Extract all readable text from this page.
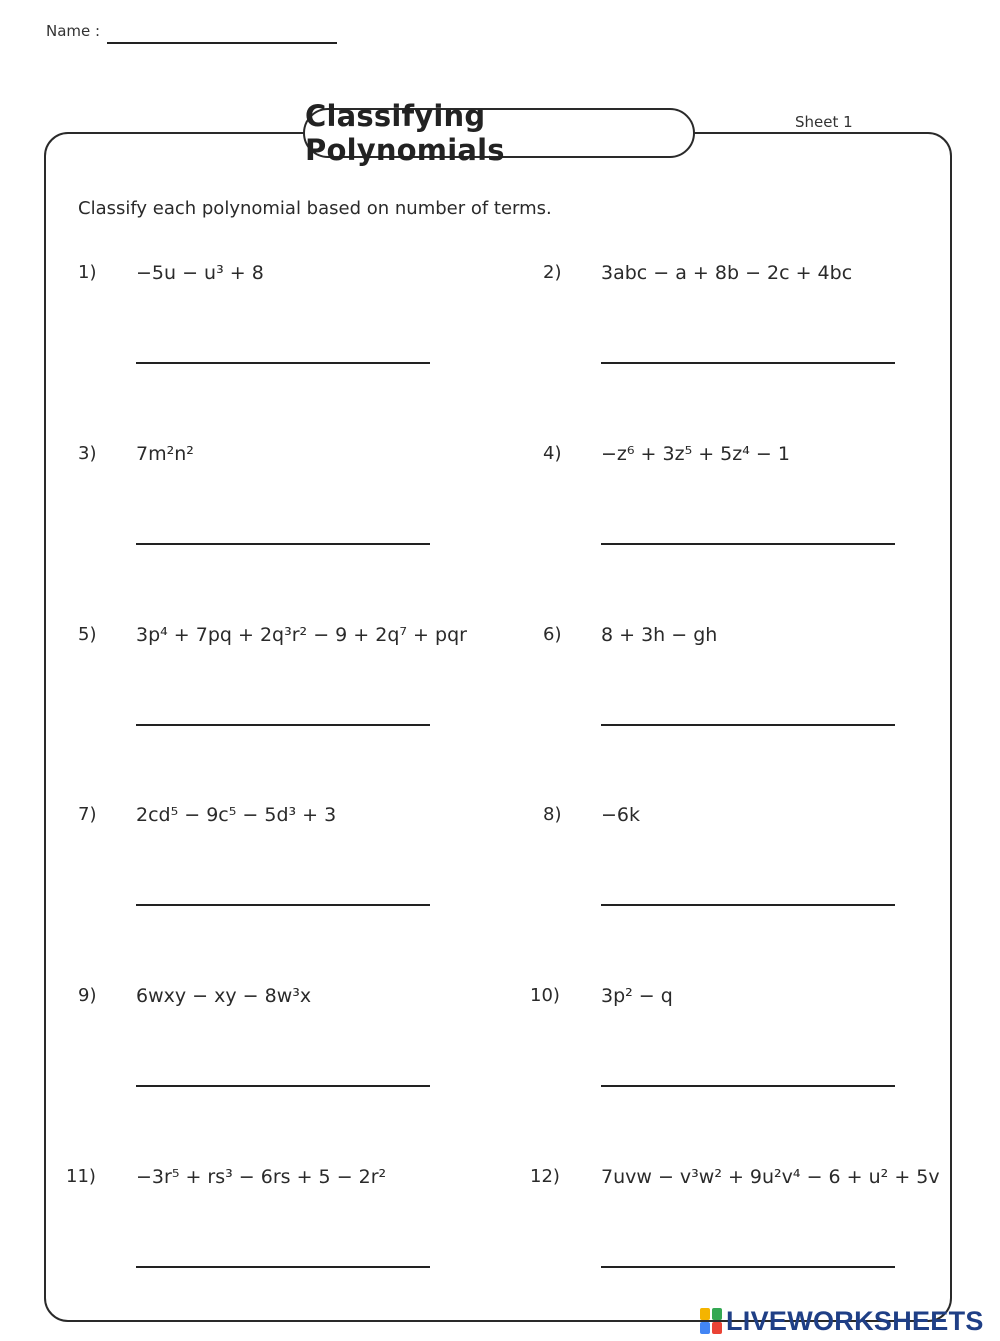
Name :
Classifying Polynomials
Sheet 1
Classify each polynomial based on number of terms.
1) −5u − u³ + 8	2) 3abc − a + 8b − 2c + 4bc
3) 7m²n²	4) −z⁶ + 3z⁵ + 5z⁴ − 1
5) 3p⁴ + 7pq + 2q³r² − 9 + 2q⁷ + pqr	6) 8 + 3h − gh
7) 2cd⁵ − 9c⁵ − 5d³ + 3	8) −6k
9) 6wxy − xy − 8w³x	10) 3p² − q
11) −3r⁵ + rs³ − 6rs + 5 − 2r²	12) 7uvw − v³w² + 9u²v⁴ − 6 + u² + 5v
LIVEWORKSHEETS
